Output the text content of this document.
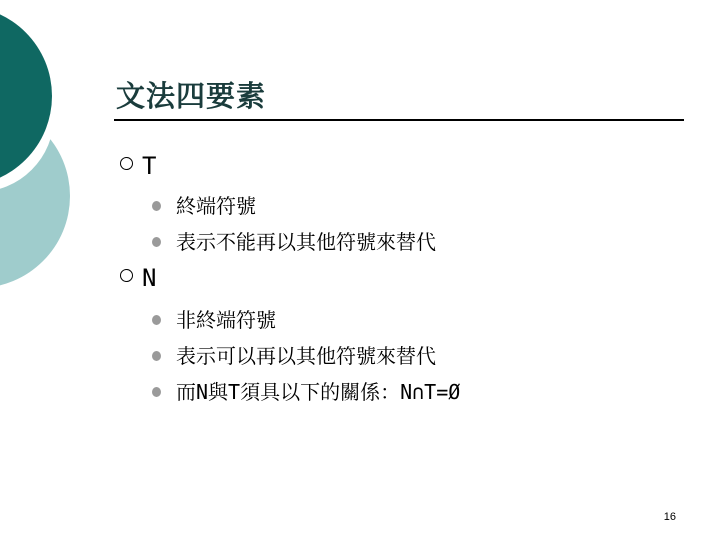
文法四要素
T
終端符號
表示不能再以其他符號來替代
N
非終端符號
表示可以再以其他符號來替代
而N與T須具以下的關係：N∩T=Ø
16
